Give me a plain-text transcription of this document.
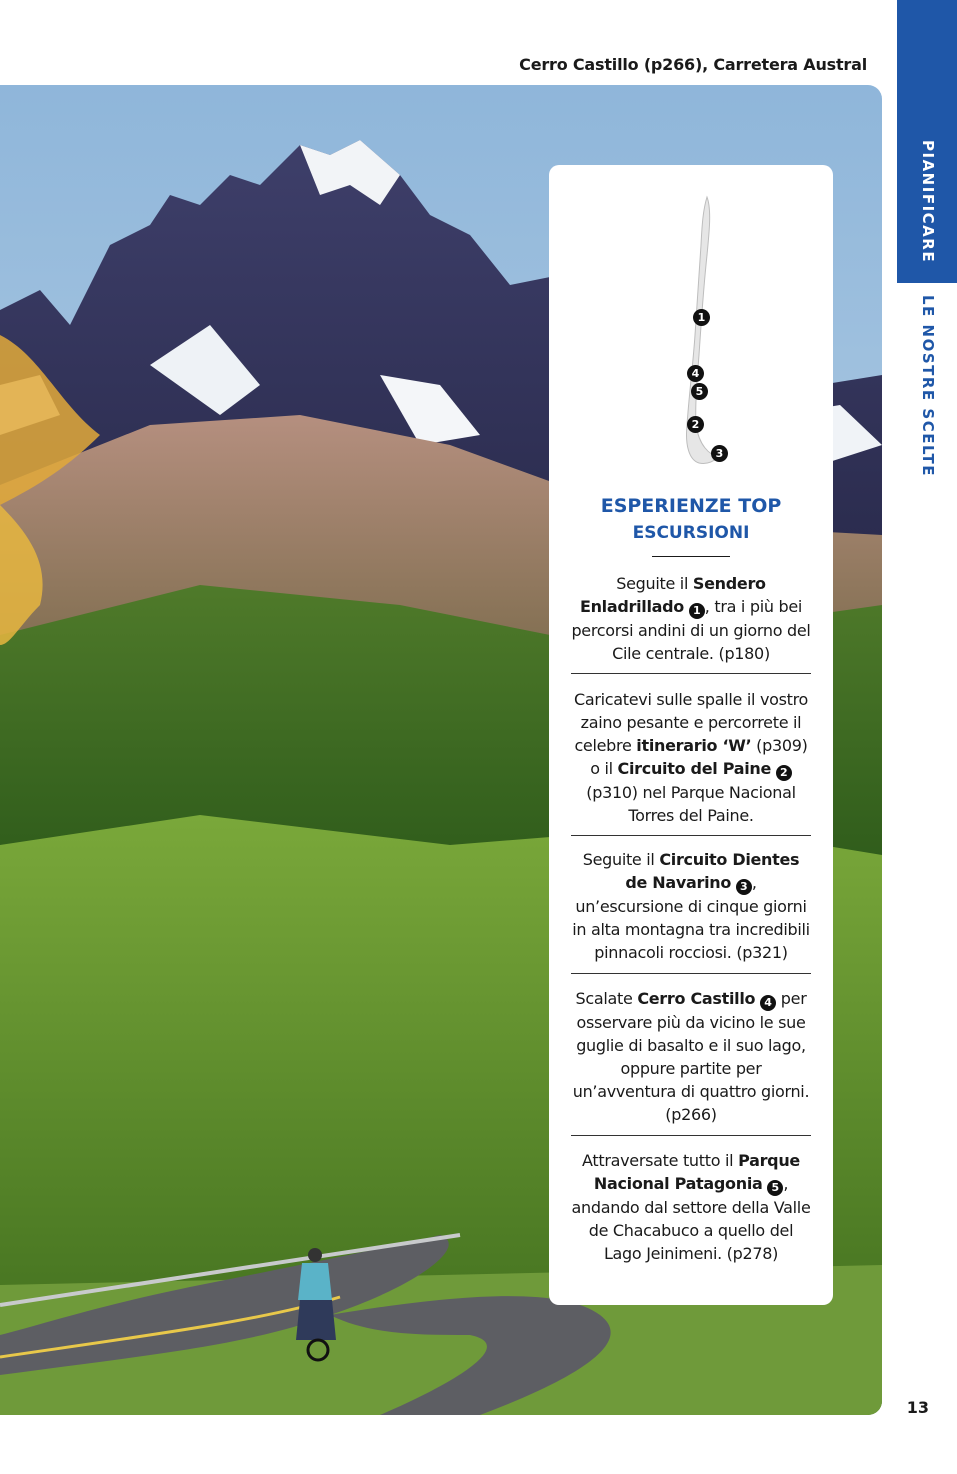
Cerro Castillo (p266), Carretera Austral
PIANIFICARE
LE NOSTRE SCELTE
1
4
5
2
3
ESPERIENZE TOP
ESCURSIONI
Seguite il Sendero Enladrillado 1 , tra i più bei percorsi andini di un giorno del Cile centrale. (p180)
Caricatevi sulle spalle il vostro zaino pesante e percorrete il celebre itinerario ‘W’ (p309) o il Circuito del Paine 2 (p310) nel Parque Nacional Torres del Paine.
Seguite il Circuito Dientes de Navarino 3 , un’escursione di cinque giorni in alta montagna tra incredibili pinnacoli rocciosi. (p321)
Scalate Cerro Castillo 4 per osservare più da vicino le sue guglie di basalto e il suo lago, oppure partite per un’avventura di quattro giorni. (p266)
Attraversate tutto il Parque Nacional Patagonia 5 , andando dal settore della Valle de Chacabuco a quello del Lago Jeinimeni. (p278)
13
